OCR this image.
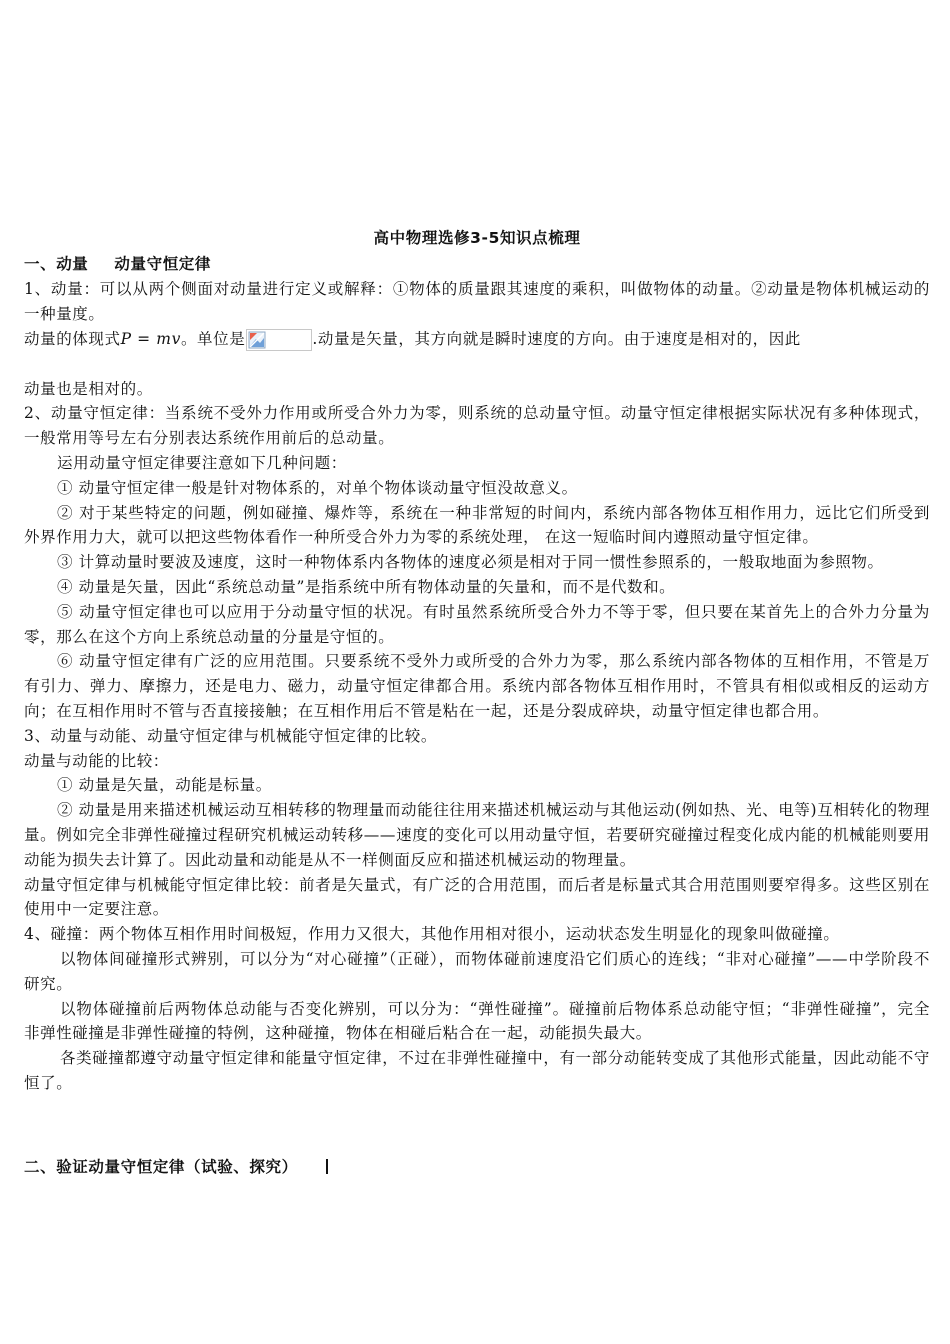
高中物理选修3-5知识点梳理

一、动量 动量守恒定律

1、动量：可以从两个侧面对动量进行定义或解释：①物体的质量跟其速度的乘积，叫做物体的动量。②动量是物体机械运动的一种量度。

动量的体现式P = mv。单位是	.动量是矢量，其方向就是瞬时速度的方向。由于速度是相对的，因此

动量也是相对的。

2、动量守恒定律：当系统不受外力作用或所受合外力为零，则系统的总动量守恒。动量守恒定律根据实际状况有多种体现式，一般常用等号左右分别表达系统作用前后的总动量。

运用动量守恒定律要注意如下几种问题：

① 动量守恒定律一般是针对物体系的，对单个物体谈动量守恒没故意义。

② 对于某些特定的问题，例如碰撞、爆炸等，系统在一种非常短的时间内，系统内部各物体互相作用力，远比它们所受到外界作用力大，就可以把这些物体看作一种所受合外力为零的系统处理， 在这一短临时间内遵照动量守恒定律。

③ 计算动量时要波及速度，这时一种物体系内各物体的速度必须是相对于同一惯性参照系的，一般取地面为参照物。

④ 动量是矢量，因此“系统总动量”是指系统中所有物体动量的矢量和，而不是代数和。

⑤ 动量守恒定律也可以应用于分动量守恒的状况。有时虽然系统所受合外力不等于零，但只要在某首先上的合外力分量为零，那么在这个方向上系统总动量的分量是守恒的。

⑥ 动量守恒定律有广泛的应用范围。只要系统不受外力或所受的合外力为零，那么系统内部各物体的互相作用，不管是万有引力、弹力、摩擦力，还是电力、磁力，动量守恒定律都合用。系统内部各物体互相作用时，不管具有相似或相反的运动方向；在互相作用时不管与否直接接触；在互相作用后不管是粘在一起，还是分裂成碎块，动量守恒定律也都合用。

3、动量与动能、动量守恒定律与机械能守恒定律的比较。

动量与动能的比较：

① 动量是矢量，动能是标量。

② 动量是用来描述机械运动互相转移的物理量而动能往往用来描述机械运动与其他运动(例如热、光、电等)互相转化的物理量。例如完全非弹性碰撞过程研究机械运动转移——速度的变化可以用动量守恒，若要研究碰撞过程变化成内能的机械能则要用动能为损失去计算了。因此动量和动能是从不一样侧面反应和描述机械运动的物理量。

动量守恒定律与机械能守恒定律比较：前者是矢量式，有广泛的合用范围，而后者是标量式其合用范围则要窄得多。这些区别在使用中一定要注意。

4、碰撞：两个物体互相作用时间极短，作用力又很大，其他作用相对很小，运动状态发生明显化的现象叫做碰撞。

以物体间碰撞形式辨别，可以分为“对心碰撞”（正碰），而物体碰前速度沿它们质心的连线；“非对心碰撞”——中学阶段不研究。

以物体碰撞前后两物体总动能与否变化辨别，可以分为：“弹性碰撞”。碰撞前后物体系总动能守恒；“非弹性碰撞”，完全非弹性碰撞是非弹性碰撞的特例，这种碰撞，物体在相碰后粘合在一起，动能损失最大。

各类碰撞都遵守动量守恒定律和能量守恒定律，不过在非弹性碰撞中，有一部分动能转变成了其他形式能量，因此动能不守恒了。

二、验证动量守恒定律（试验、探究）
